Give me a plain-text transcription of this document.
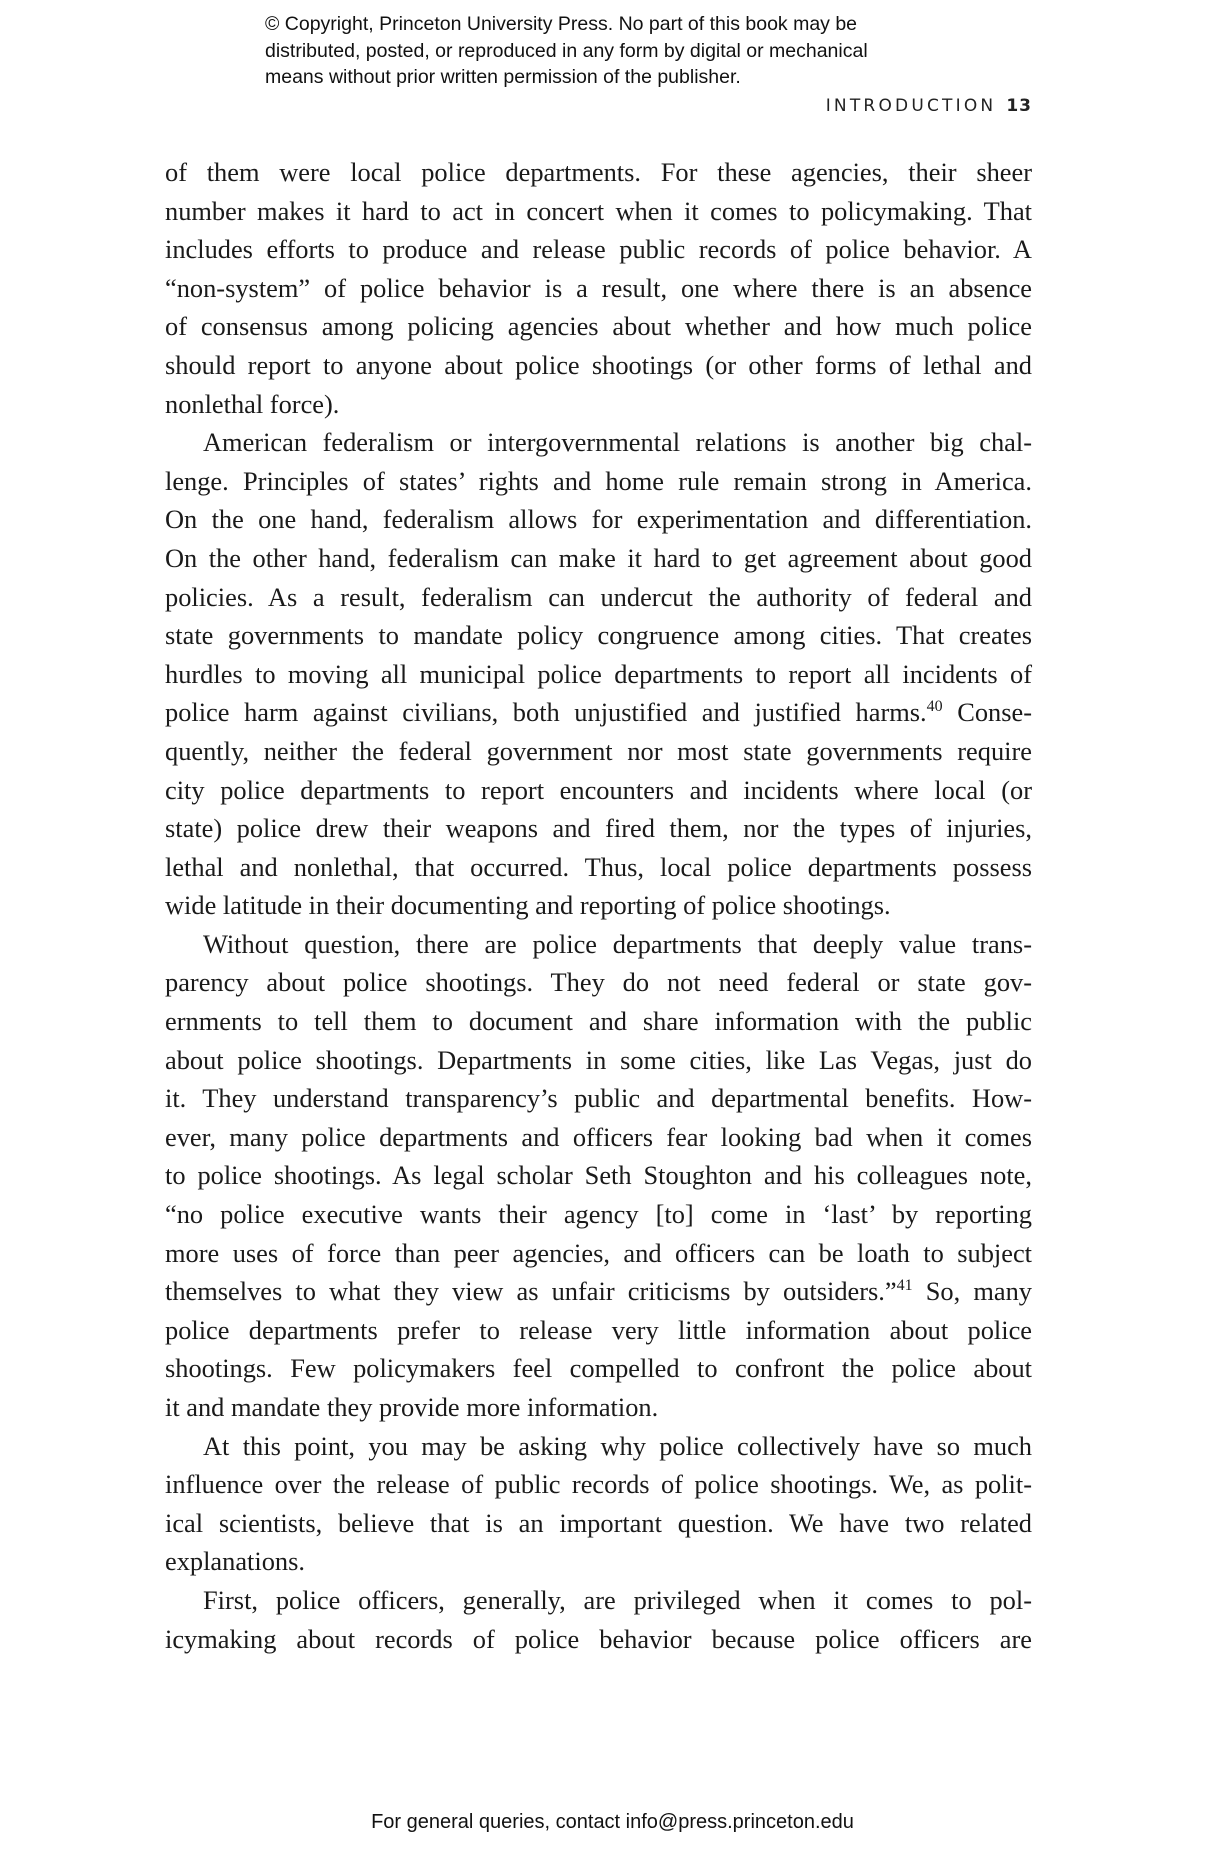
© Copyright, Princeton University Press. No part of this book may be
distributed, posted, or reproduced in any form by digital or mechanical
means without prior written permission of the publisher.
INTRODUCTION 13
of them were local police departments. For these agencies, their sheer
number makes it hard to act in concert when it comes to policymaking. That
includes efforts to produce and release public records of police behavior. A
“non-system” of police behavior is a result, one where there is an absence
of consensus among policing agencies about whether and how much police
should report to anyone about police shootings (or other forms of lethal and
nonlethal force).
American federalism or intergovernmental relations is another big chal-
lenge. Principles of states’ rights and home rule remain strong in America.
On the one hand, federalism allows for experimentation and differentiation.
On the other hand, federalism can make it hard to get agreement about good
policies. As a result, federalism can undercut the authority of federal and
state governments to mandate policy congruence among cities. That creates
hurdles to moving all municipal police departments to report all incidents of
police harm against civilians, both unjustified and justified harms.$^{40}$ Conse-
quently, neither the federal government nor most state governments require
city police departments to report encounters and incidents where local (or
state) police drew their weapons and fired them, nor the types of injuries,
lethal and nonlethal, that occurred. Thus, local police departments possess
wide latitude in their documenting and reporting of police shootings.
Without question, there are police departments that deeply value trans-
parency about police shootings. They do not need federal or state gov-
ernments to tell them to document and share information with the public
about police shootings. Departments in some cities, like Las Vegas, just do
it. They understand transparency’s public and departmental benefits. How-
ever, many police departments and officers fear looking bad when it comes
to police shootings. As legal scholar Seth Stoughton and his colleagues note,
“no police executive wants their agency [to] come in ‘last’ by reporting
more uses of force than peer agencies, and officers can be loath to subject
themselves to what they view as unfair criticisms by outsiders.”$^{41}$ So, many
police departments prefer to release very little information about police
shootings. Few policymakers feel compelled to confront the police about
it and mandate they provide more information.
At this point, you may be asking why police collectively have so much
influence over the release of public records of police shootings. We, as polit-
ical scientists, believe that is an important question. We have two related
explanations.
First, police officers, generally, are privileged when it comes to pol-
icymaking about records of police behavior because police officers are
For general queries, contact info@press.princeton.edu
